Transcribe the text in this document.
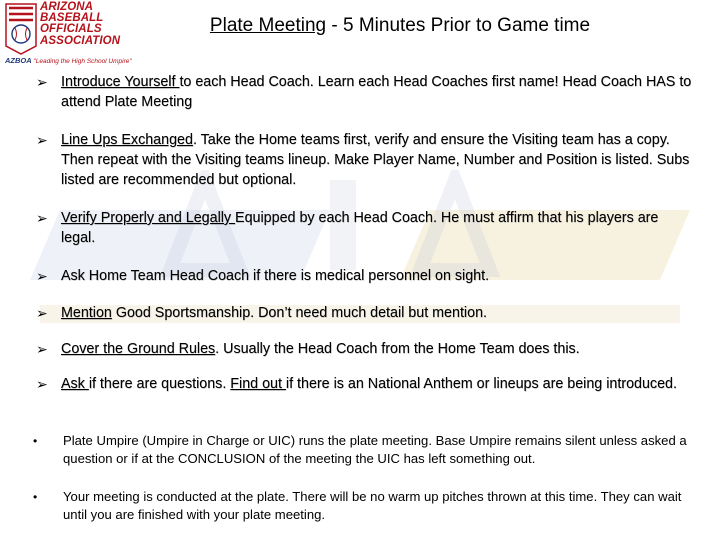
ARIZONA
BASEBALL
OFFICIALS
ASSOCIATION
AZBOA "Leading the High School Umpire"
Plate Meeting - 5 Minutes Prior to Game time
➢ Introduce Yourself to each Head Coach. Learn each Head Coaches first name! Head Coach HAS to attend Plate Meeting
➢ Line Ups Exchanged. Take the Home teams first, verify and ensure the Visiting team has a copy. Then repeat with the Visiting teams lineup. Make Player Name, Number and Position is listed. Subs listed are recommended but optional.
➢ Verify Properly and Legally Equipped by each Head Coach. He must affirm that his players are legal.
➢ Ask Home Team Head Coach if there is medical personnel on sight.
➢ Mention Good Sportsmanship. Don’t need much detail but mention.
➢ Cover the Ground Rules. Usually the Head Coach from the Home Team does this.
➢ Ask if there are questions. Find out if there is an National Anthem or lineups are being introduced.
• Plate Umpire (Umpire in Charge or UIC) runs the plate meeting. Base Umpire remains silent unless asked a question or if at the CONCLUSION of the meeting the UIC has left something out.
• Your meeting is conducted at the plate. There will be no warm up pitches thrown at this time. They can wait until you are finished with your plate meeting.
